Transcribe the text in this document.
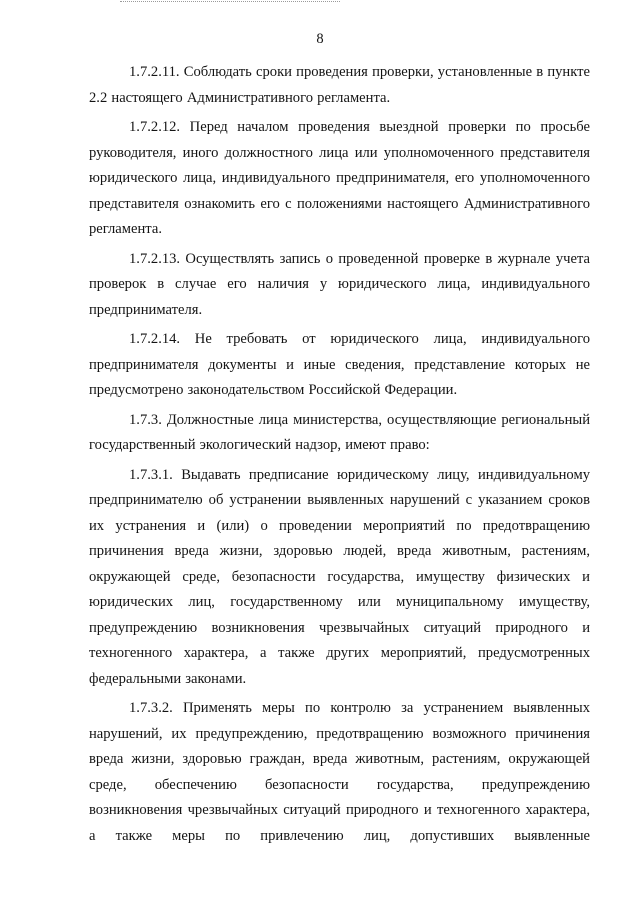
8

1.7.2.11. Соблюдать сроки проведения проверки, установленные в пункте 2.2 настоящего Административного регламента.

1.7.2.12. Перед началом проведения выездной проверки по просьбе руководителя, иного должностного лица или уполномоченного представителя юридического лица, индивидуального предпринимателя, его уполномоченного представителя ознакомить его с положениями настоящего Административного регламента.

1.7.2.13. Осуществлять запись о проведенной проверке в журнале учета проверок в случае его наличия у юридического лица, индивидуального предпринимателя.

1.7.2.14. Не требовать от юридического лица, индивидуального предпринимателя документы и иные сведения, представление которых не предусмотрено законодательством Российской Федерации.

1.7.3. Должностные лица министерства, осуществляющие региональный государственный экологический надзор, имеют право:

1.7.3.1. Выдавать предписание юридическому лицу, индивидуальному предпринимателю об устранении выявленных нарушений с указанием сроков их устранения и (или) о проведении мероприятий по предотвращению причинения вреда жизни, здоровью людей, вреда животным, растениям, окружающей среде, безопасности государства, имуществу физических и юридических лиц, государственному или муниципальному имуществу, предупреждению возникновения чрезвычайных ситуаций природного и техногенного характера, а также других мероприятий, предусмотренных федеральными законами.

1.7.3.2. Применять меры по контролю за устранением выявленных нарушений, их предупреждению, предотвращению возможного причинения вреда жизни, здоровью граждан, вреда животным, растениям, окружающей среде, обеспечению безопасности государства, предупреждению возникновения чрезвычайных ситуаций природного и техногенного характера, а также меры по привлечению лиц, допустивших выявленные
